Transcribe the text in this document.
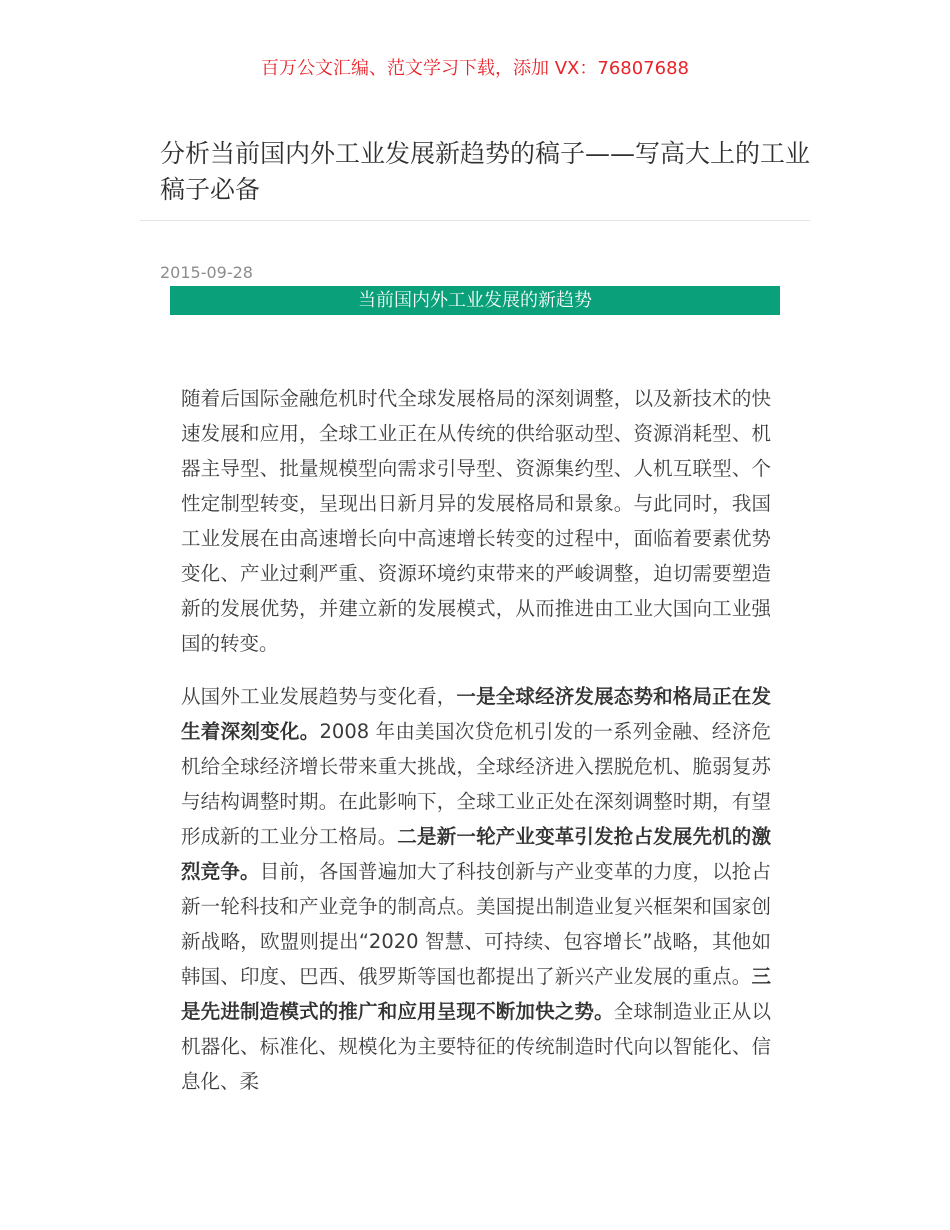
百万公文汇编、范文学习下载，添加 VX：76807688
分析当前国内外工业发展新趋势的稿子——写高大上的工业稿子必备
2015-09-28
当前国内外工业发展的新趋势

随着后国际金融危机时代全球发展格局的深刻调整，以及新技术的快速发展和应用，全球工业正在从传统的供给驱动型、资源消耗型、机器主导型、批量规模型向需求引导型、资源集约型、人机互联型、个性定制型转变，呈现出日新月异的发展格局和景象。与此同时，我国工业发展在由高速增长向中高速增长转变的过程中，面临着要素优势变化、产业过剩严重、资源环境约束带来的严峻调整，迫切需要塑造新的发展优势，并建立新的发展模式，从而推进由工业大国向工业强国的转变。

从国外工业发展趋势与变化看，一是全球经济发展态势和格局正在发生着深刻变化。2008 年由美国次贷危机引发的一系列金融、经济危机给全球经济增长带来重大挑战，全球经济进入摆脱危机、脆弱复苏与结构调整时期。在此影响下，全球工业正处在深刻调整时期，有望形成新的工业分工格局。二是新一轮产业变革引发抢占发展先机的激烈竞争。目前，各国普遍加大了科技创新与产业变革的力度，以抢占新一轮科技和产业竞争的制高点。美国提出制造业复兴框架和国家创新战略，欧盟则提出“2020 智慧、可持续、包容增长”战略，其他如韩国、印度、巴西、俄罗斯等国也都提出了新兴产业发展的重点。三是先进制造模式的推广和应用呈现不断加快之势。全球制造业正从以机器化、标准化、规模化为主要特征的传统制造时代向以智能化、信息化、柔
